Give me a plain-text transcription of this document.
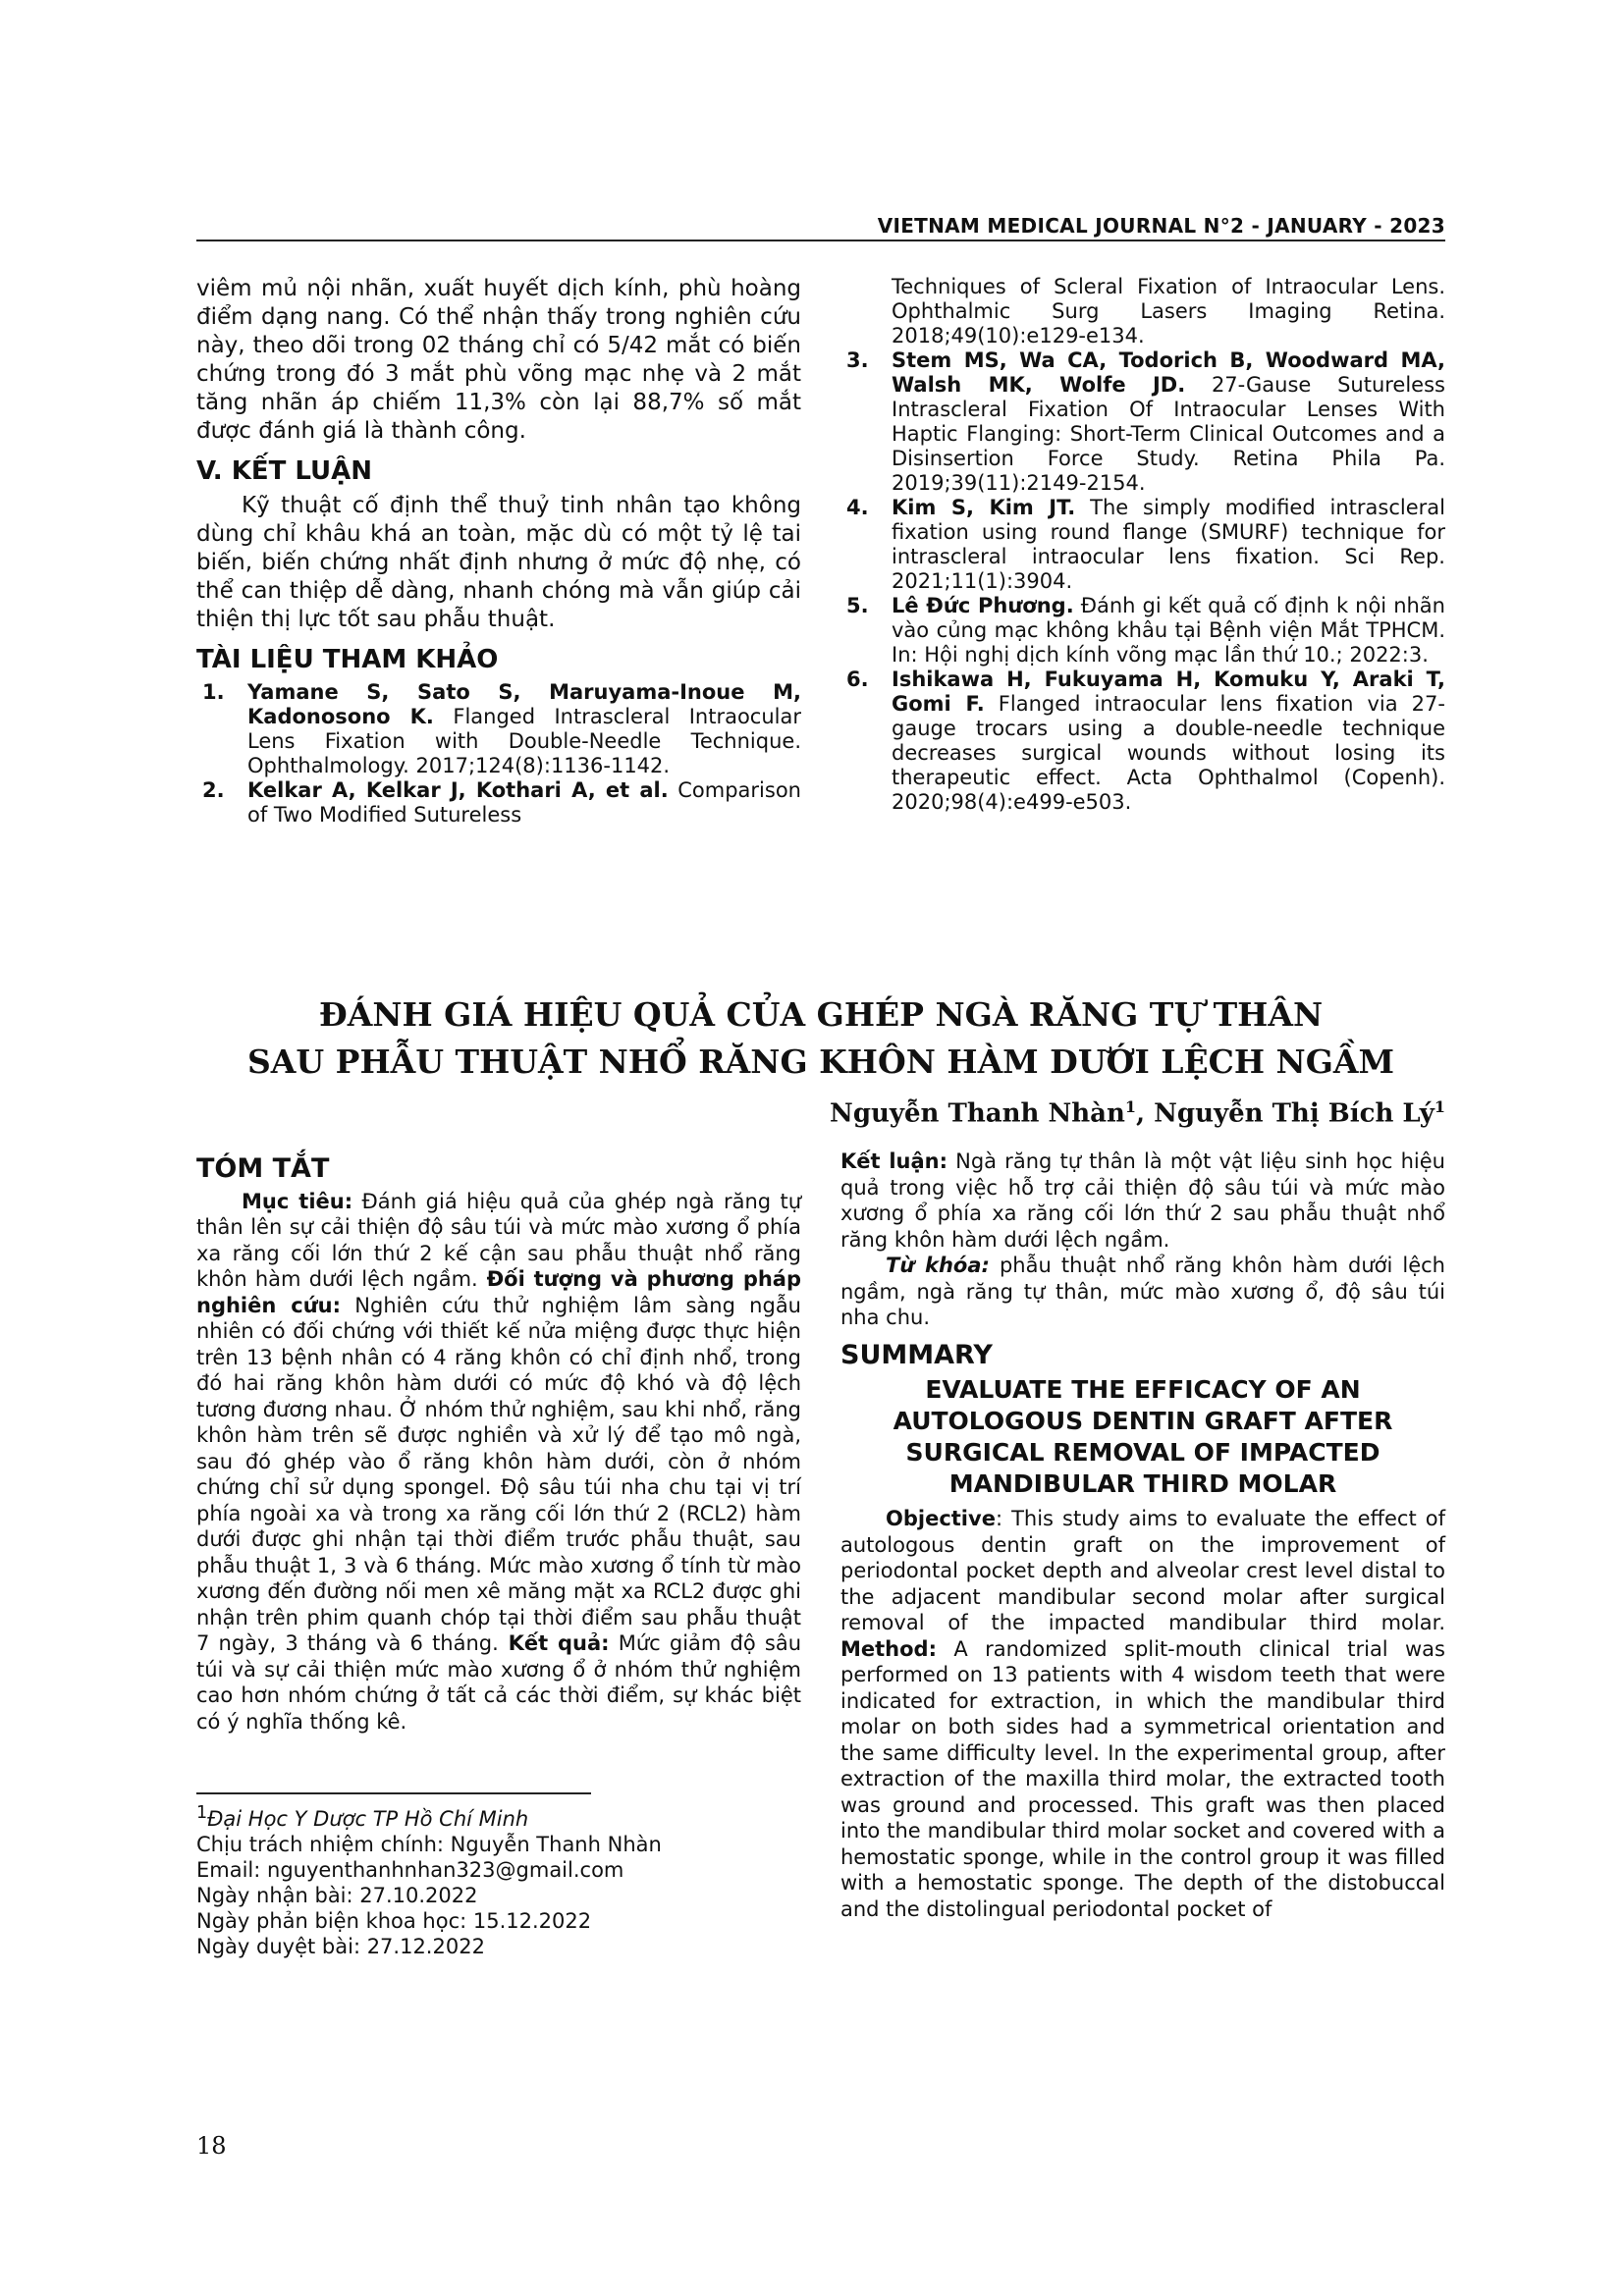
VIETNAM MEDICAL JOURNAL N°2 - JANUARY - 2023

viêm mủ nội nhãn, xuất huyết dịch kính, phù hoàng điểm dạng nang. Có thể nhận thấy trong nghiên cứu này, theo dõi trong 02 tháng chỉ có 5/42 mắt có biến chứng trong đó 3 mắt phù võng mạc nhẹ và 2 mắt tăng nhãn áp chiếm 11,3% còn lại 88,7% số mắt được đánh giá là thành công.

V. KẾT LUẬN

Kỹ thuật cố định thể thuỷ tinh nhân tạo không dùng chỉ khâu khá an toàn, mặc dù có một tỷ lệ tai biến, biến chứng nhất định nhưng ở mức độ nhẹ, có thể can thiệp dễ dàng, nhanh chóng mà vẫn giúp cải thiện thị lực tốt sau phẫu thuật.

TÀI LIỆU THAM KHẢO
1. Yamane S, Sato S, Maruyama-Inoue M, Kadonosono K. Flanged Intrascleral Intraocular Lens Fixation with Double-Needle Technique. Ophthalmology. 2017;124(8):1136-1142.
2. Kelkar A, Kelkar J, Kothari A, et al. Comparison of Two Modified Sutureless
Techniques of Scleral Fixation of Intraocular Lens. Ophthalmic Surg Lasers Imaging Retina. 2018;49(10):e129-e134.
3. Stem MS, Wa CA, Todorich B, Woodward MA, Walsh MK, Wolfe JD. 27-Gause Sutureless Intrascleral Fixation Of Intraocular Lenses With Haptic Flanging: Short-Term Clinical Outcomes and a Disinsertion Force Study. Retina Phila Pa. 2019;39(11):2149-2154.
4. Kim S, Kim JT. The simply modified intrascleral fixation using round flange (SMURF) technique for intrascleral intraocular lens fixation. Sci Rep. 2021;11(1):3904.
5. Lê Đức Phương. Đánh gi kết quả cố định k nội nhãn vào củng mạc không khâu tại Bệnh viện Mắt TPHCM. In: Hội nghị dịch kính võng mạc lần thứ 10.; 2022:3.
6. Ishikawa H, Fukuyama H, Komuku Y, Araki T, Gomi F. Flanged intraocular lens fixation via 27-gauge trocars using a double-needle technique decreases surgical wounds without losing its therapeutic effect. Acta Ophthalmol (Copenh). 2020;98(4):e499-e503.
ĐÁNH GIÁ HIỆU QUẢ CỦA GHÉP NGÀ RĂNG TỰ THÂN
SAU PHẪU THUẬT NHỔ RĂNG KHÔN HÀM DƯỚI LỆCH NGẦM
Nguyễn Thanh Nhàn$^1$, Nguyễn Thị Bích $Lý^1$
TÓM TẮT

Mục tiêu: Đánh giá hiệu quả của ghép ngà răng tự thân lên sự cải thiện độ sâu túi và mức mào xương ổ phía xa răng cối lớn thứ 2 kế cận sau phẫu thuật nhổ răng khôn hàm dưới lệch ngầm. Đối tượng và phương pháp nghiên cứu: Nghiên cứu thử nghiệm lâm sàng ngẫu nhiên có đối chứng với thiết kế nửa miệng được thực hiện trên 13 bệnh nhân có 4 răng khôn có chỉ định nhổ, trong đó hai răng khôn hàm dưới có mức độ khó và độ lệch tương đương nhau. Ở nhóm thử nghiệm, sau khi nhổ, răng khôn hàm trên sẽ được nghiền và xử lý để tạo mô ngà, sau đó ghép vào ổ răng khôn hàm dưới, còn ở nhóm chứng chỉ sử dụng spongel. Độ sâu túi nha chu tại vị trí phía ngoài xa và trong xa răng cối lớn thứ 2 (RCL2) hàm dưới được ghi nhận tại thời điểm trước phẫu thuật, sau phẫu thuật 1, 3 và 6 tháng. Mức mào xương ổ tính từ mào xương đến đường nối men xê măng mặt xa RCL2 được ghi nhận trên phim quanh chóp tại thời điểm sau phẫu thuật 7 ngày, 3 tháng và 6 tháng. Kết quả: Mức giảm độ sâu túi và sự cải thiện mức mào xương ổ ở nhóm thử nghiệm cao hơn nhóm chứng ở tất cả các thời điểm, sự khác biệt có ý nghĩa thống kê.

Kết luận: Ngà răng tự thân là một vật liệu sinh học hiệu quả trong việc hỗ trợ cải thiện độ sâu túi và mức mào xương ổ phía xa răng cối lớn thứ 2 sau phẫu thuật nhổ răng khôn hàm dưới lệch ngầm.

Từ khóa: phẫu thuật nhổ răng khôn hàm dưới lệch ngầm, ngà răng tự thân, mức mào xương ổ, độ sâu túi nha chu.

SUMMARY
EVALUATE THE EFFICACY OF AN AUTOLOGOUS DENTIN GRAFT AFTER SURGICAL REMOVAL OF IMPACTED MANDIBULAR THIRD MOLAR

Objective: This study aims to evaluate the effect of autologous dentin graft on the improvement of periodontal pocket depth and alveolar crest level distal to the adjacent mandibular second molar after surgical removal of the impacted mandibular third molar. Method: A randomized split-mouth clinical trial was performed on 13 patients with 4 wisdom teeth that were indicated for extraction, in which the mandibular third molar on both sides had a symmetrical orientation and the same difficulty level. In the experimental group, after extraction of the maxilla third molar, the extracted tooth was ground and processed. This graft was then placed into the mandibular third molar socket and covered with a hemostatic sponge, while in the control group it was filled with a hemostatic sponge. The depth of the distobuccal and the distolingual periodontal pocket of

$^1$Đại Học Y Dược TP Hồ Chí Minh
Chịu trách nhiệm chính: Nguyễn Thanh Nhàn
Email: nguyenthanhnhan323@gmail.com
Ngày nhận bài: 27.10.2022
Ngày phản biện khoa học: 15.12.2022
Ngày duyệt bài: 27.12.2022
18
